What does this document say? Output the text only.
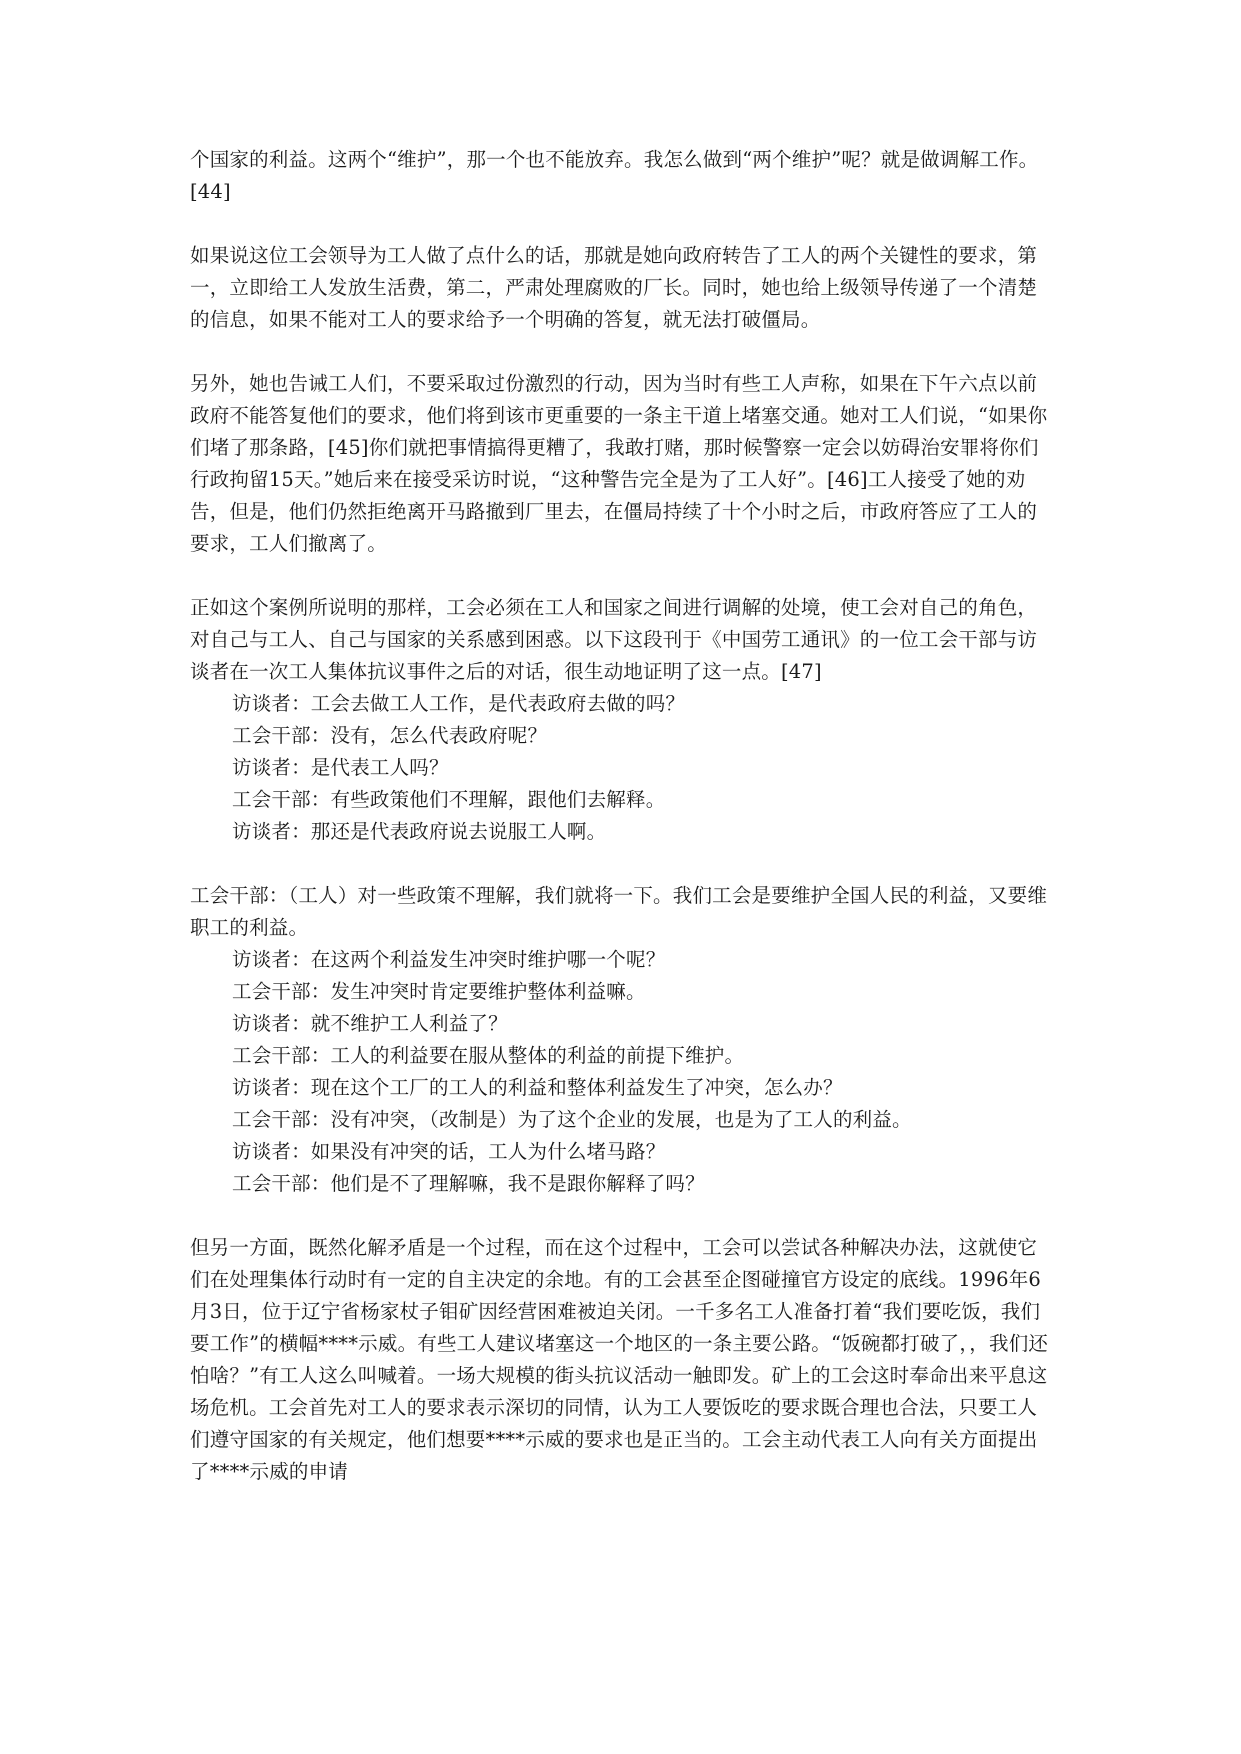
个国家的利益。这两个“维护”，那一个也不能放弃。我怎么做到“两个维护”呢？就是做调解工作。[44]

如果说这位工会领导为工人做了点什么的话，那就是她向政府转告了工人的两个关键性的要求，第一，立即给工人发放生活费，第二，严肃处理腐败的厂长。同时，她也给上级领导传递了一个清楚的信息，如果不能对工人的要求给予一个明确的答复，就无法打破僵局。

另外，她也告诫工人们，不要采取过份激烈的行动，因为当时有些工人声称，如果在下午六点以前政府不能答复他们的要求，他们将到该市更重要的一条主干道上堵塞交通。她对工人们说，“如果你们堵了那条路，[45]你们就把事情搞得更糟了，我敢打赌，那时候警察一定会以妨碍治安罪将你们行政拘留15天。”她后来在接受采访时说，“这种警告完全是为了工人好”。[46]工人接受了她的劝告，但是，他们仍然拒绝离开马路撤到厂里去，在僵局持续了十个小时之后，市政府答应了工人的要求，工人们撤离了。

正如这个案例所说明的那样，工会必须在工人和国家之间进行调解的处境，使工会对自己的角色，对自己与工人、自己与国家的关系感到困惑。以下这段刊于《中国劳工通讯》的一位工会干部与访谈者在一次工人集体抗议事件之后的对话，很生动地证明了这一点。[47]

访谈者：工会去做工人工作，是代表政府去做的吗？
工会干部：没有，怎么代表政府呢？
访谈者：是代表工人吗？
工会干部：有些政策他们不理解，跟他们去解释。
访谈者：那还是代表政府说去说服工人啊。

工会干部：（工人）对一些政策不理解，我们就将一下。我们工会是要维护全国人民的利益，又要维职工的利益。

访谈者：在这两个利益发生冲突时维护哪一个呢？
工会干部：发生冲突时肯定要维护整体利益嘛。
访谈者：就不维护工人利益了？
工会干部：工人的利益要在服从整体的利益的前提下维护。
访谈者：现在这个工厂的工人的利益和整体利益发生了冲突，怎么办？
工会干部：没有冲突，（改制是）为了这个企业的发展，也是为了工人的利益。
访谈者：如果没有冲突的话，工人为什么堵马路？
工会干部：他们是不了理解嘛，我不是跟你解释了吗？

但另一方面，既然化解矛盾是一个过程，而在这个过程中，工会可以尝试各种解决办法，这就使它们在处理集体行动时有一定的自主决定的余地。有的工会甚至企图碰撞官方设定的底线。1996年6月3日，位于辽宁省杨家杖子钼矿因经营困难被迫关闭。一千多名工人准备打着“我们要吃饭，我们要工作”的横幅****示威。有些工人建议堵塞这一个地区的一条主要公路。“饭碗都打破了，，我们还怕啥？”有工人这么叫喊着。一场大规模的街头抗议活动一触即发。矿上的工会这时奉命出来平息这场危机。工会首先对工人的要求表示深切的同情，认为工人要饭吃的要求既合理也合法，只要工人们遵守国家的有关规定，他们想要****示威的要求也是正当的。工会主动代表工人向有关方面提出了****示威的申请
